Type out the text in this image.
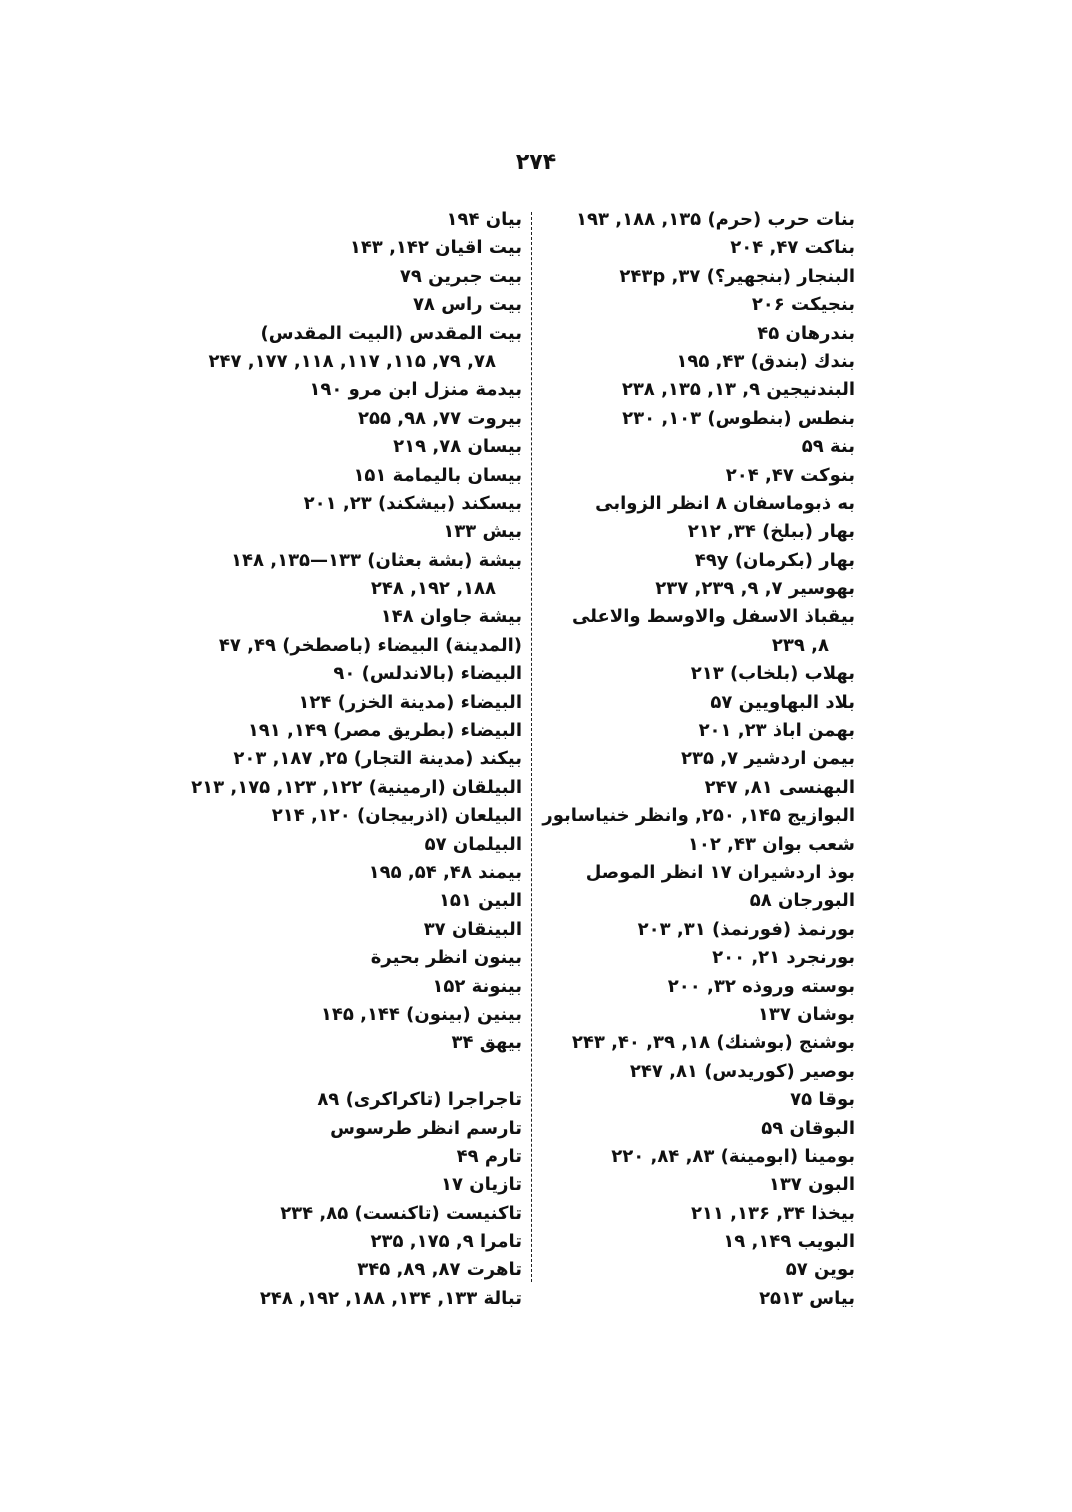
۲۷۴
بنات حرب (حرم) ۱۳۵, ۱۸۸, ۱۹۳
بناکت ۴۷, ۲۰۴
البنجار (بنجهیر؟) ۳۷, ۲۴۳p
بنجیکت ۲۰۶
بندرهان ۴۵
بندك (بندق) ۴۳, ۱۹۵
البندنیجین ۹, ۱۳, ۱۳۵, ۲۳۸
بنطس (بنطوس) ۱۰۳, ۲۳۰
بنة ۵۹
بنوکت ۴۷, ۲۰۴
به ذبوماسفان ۸ انظر الزوابی
بهار (ببلخ) ۳۴, ۲۱۲
بهار (بکرمان) ۴۹y
بهوسیر ۷, ۹, ۲۳۹, ۲۳۷
بیقباذ الاسفل والاوسط والاعلی
۸, ۲۳۹
بهلاب (بلخاب) ۲۱۳
بلاد البهاویین ۵۷
بهمن اباذ ۲۳, ۲۰۱
بیمن اردشیر ۷, ۲۳۵
البهنسی ۸۱, ۲۴۷
البوازیج ۱۴۵, ۲۵۰, وانظر خنیاسابور
شعب بوان ۴۳, ۱۰۲
بوذ اردشیران ۱۷ انظر الموصل
البورجان ۵۸
بورنمذ (فورنمذ) ۳۱, ۲۰۳
بورنجرد ۲۱, ۲۰۰
بوسته وروذه ۳۲, ۲۰۰
بوشان ۱۳۷
بوشنج (بوشنك) ۱۸, ۳۹, ۴۰, ۲۴۳
بوصیر (کوریدس) ۸۱, ۲۴۷
بوقا ۷۵
البوقان ۵۹
بومینا (ابومینة) ۸۳, ۸۴, ۲۲۰
البون ۱۳۷
بیخذا ۳۴, ۱۳۶, ۲۱۱
البویب ۱۴۹, ۱۹
بوین ۵۷
بیاس ۲۵۱۳
بیان ۱۹۴
بیت اقیان ۱۴۲, ۱۴۳
بیت جبرین ۷۹
بیت راس ۷۸
بیت المقدس (البیت المقدس)
۷۸, ۷۹, ۱۱۵, ۱۱۷, ۱۱۸, ۱۷۷, ۲۴۷
بیدمة منزل ابن مرو ۱۹۰
بیروت ۷۷, ۹۸, ۲۵۵
بیسان ۷۸, ۲۱۹
بیسان بالیمامة ۱۵۱
بیسکند (بیشکند) ۲۳, ۲۰۱
بیش ۱۳۳
بیشة (بشة بعثان) ۱۳۳—۱۳۵, ۱۴۸
۱۸۸, ۱۹۲, ۲۴۸
بیشة جاوان ۱۴۸
(المدینة) البیضاء (باصطخر) ۴۹, ۴۷
البیضاء (بالاندلس) ۹۰
البیضاء (مدینة الخزر) ۱۲۴
البیضاء (بطریق مصر) ۱۴۹, ۱۹۱
بیکند (مدینة التجار) ۲۵, ۱۸۷, ۲۰۳
البیلقان (ارمینیة) ۱۲۲, ۱۲۳, ۱۷۵, ۲۱۳
البیلعان (اذربیجان) ۱۲۰, ۲۱۴
البیلمان ۵۷
بیمند ۴۸, ۵۴, ۱۹۵
البین ۱۵۱
البینقان ۳۷
بینون انظر بحیرة
بینونة ۱۵۲
بینین (بینون) ۱۴۴, ۱۴۵
بیهق ۳۴
تاجراجرا (تاکراکری) ۸۹
تارسم انظر طرسوس
تارم ۴۹
تازیان ۱۷
تاکنیست (تاکنست) ۸۵, ۲۳۴
تامرا ۹, ۱۷۵, ۲۳۵
تاهرت ۸۷, ۸۹, ۳۴۵
تبالة ۱۳۳, ۱۳۴, ۱۸۸, ۱۹۲, ۲۴۸
